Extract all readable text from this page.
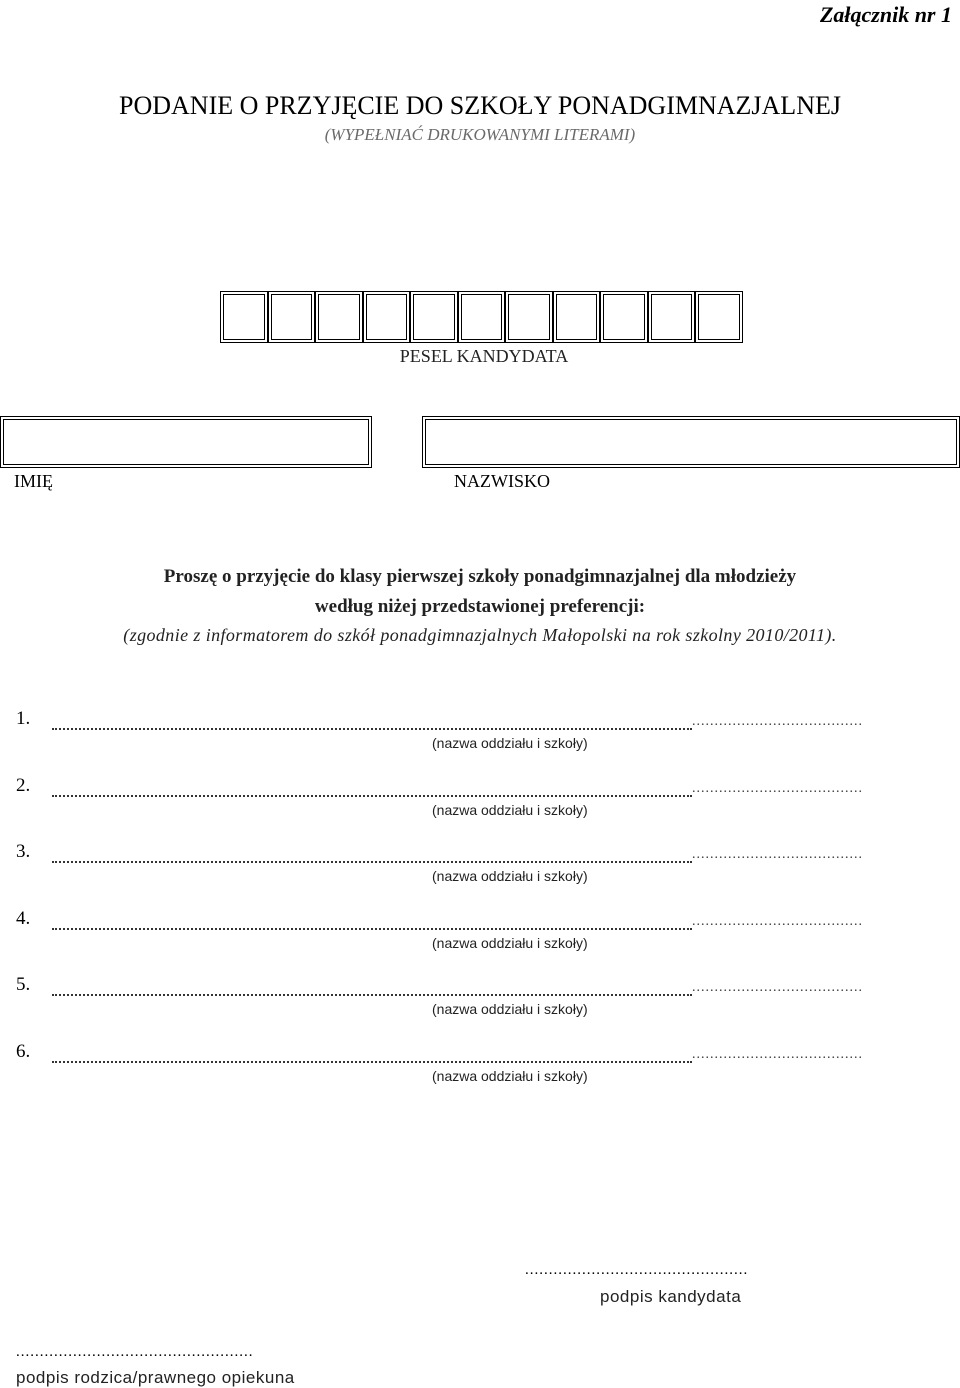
Załącznik nr 1
PODANIE O PRZYJĘCIE DO SZKOŁY PONADGIMNAZJALNEJ
(WYPEŁNIAĆ DRUKOWANYMI LITERAMI)
PESEL KANDYDATA
IMIĘ	NAZWISKO
Proszę o przyjęcie do klasy pierwszej szkoły ponadgimnazjalnej dla młodzieży
według niżej przedstawionej preferencji:
(zgodnie z informatorem do szkół ponadgimnazjalnych Małopolski na rok szkolny 2010/2011).
1.	......................................
(nazwa oddziału i szkoły)
2.	......................................
(nazwa oddziału i szkoły)
3.	......................................
(nazwa oddziału i szkoły)
4.	......................................
(nazwa oddziału i szkoły)
5.	......................................
(nazwa oddziału i szkoły)
6.	......................................
(nazwa oddziału i szkoły)
...............................................
podpis kandydata
..................................................
podpis rodzica/prawnego opiekuna
